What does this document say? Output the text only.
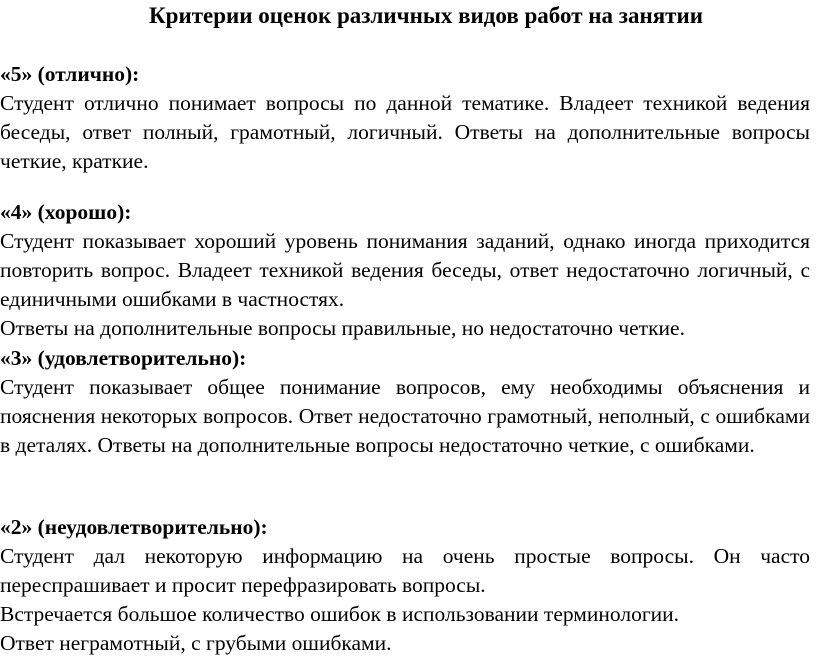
Критерии оценок различных видов работ на занятии

«5» (отлично):

Студент отлично понимает вопросы по данной тематике. Владеет техникой ведения беседы, ответ полный, грамотный, логичный. Ответы на дополнительные вопросы четкие, краткие.

«4» (хорошо):

Студент показывает хороший уровень понимания заданий, однако иногда приходится повторить вопрос. Владеет техникой ведения беседы, ответ недостаточно логичный, с единичными ошибками в частностях.

Ответы на дополнительные вопросы правильные, но недостаточно четкие.

«3» (удовлетворительно):

Студент показывает общее понимание вопросов, ему необходимы объяснения и пояснения некоторых вопросов. Ответ недостаточно грамотный, неполный, с ошибками в деталях. Ответы на дополнительные вопросы недостаточно четкие, с ошибками.

«2» (неудовлетворительно):

Студент дал некоторую информацию на очень простые вопросы. Он часто переспрашивает и просит перефразировать вопросы.

Встречается большое количество ошибок в использовании терминологии.

Ответ неграмотный, с грубыми ошибками.
